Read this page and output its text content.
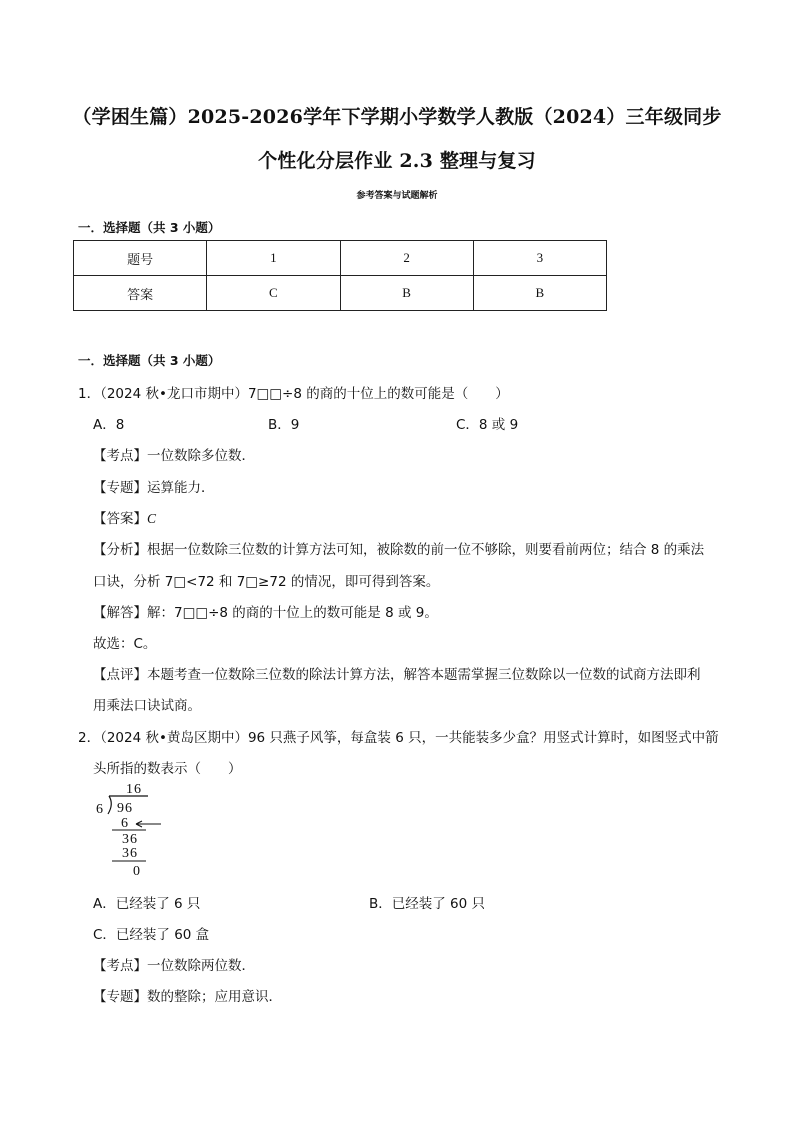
（学困生篇）2025-2026学年下学期小学数学人教版（2024）三年级同步
个性化分层作业 2.3 整理与复习
参考答案与试题解析
一．选择题（共 3 小题）
题号	1	2	3
答案	C	B	B
一．选择题（共 3 小题）
1．（2024 秋•龙口市期中）7□□÷8 的商的十位上的数可能是（　　）
A．8	B．9	C．8 或 9
【考点】一位数除多位数．
【专题】运算能力．
【答案】C
【分析】根据一位数除三位数的计算方法可知，被除数的前一位不够除，则要看前两位；结合 8 的乘法
口诀，分析 7□<72 和 7□≥72 的情况，即可得到答案。
【解答】解：7□□÷8 的商的十位上的数可能是 8 或 9。
故选：C。
【点评】本题考查一位数除三位数的除法计算方法，解答本题需掌握三位数除以一位数的试商方法即利
用乘法口诀试商。
2．（2024 秋•黄岛区期中）96 只燕子风筝，每盒装 6 只，一共能装多少盒？用竖式计算时，如图竖式中箭
头所指的数表示（　　）
16
6 96
6
36
36
0
A．已经装了 6 只	B．已经装了 60 只
C．已经装了 60 盒
【考点】一位数除两位数．
【专题】数的整除；应用意识．
